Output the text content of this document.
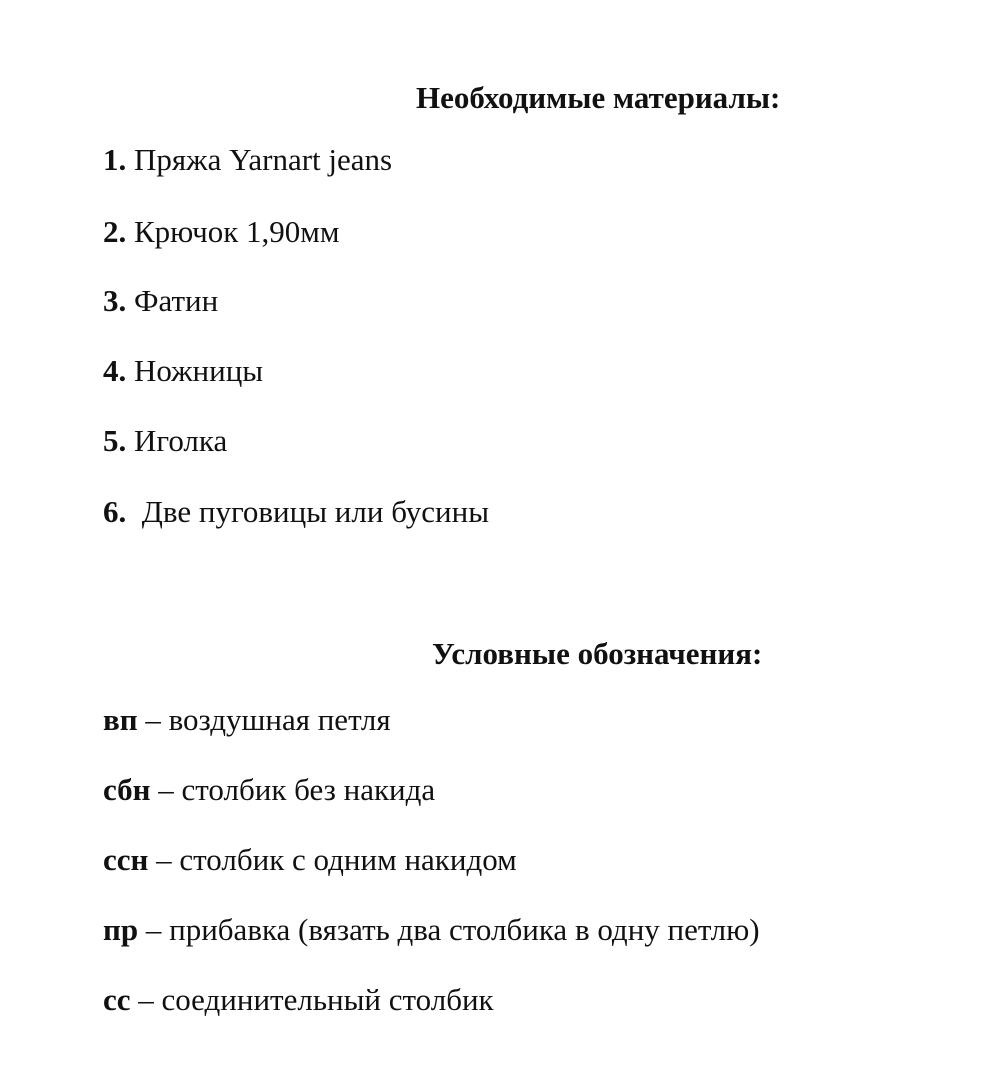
Необходимые материалы:
1. Пряжа Yarnart jeans
2. Крючок 1,90мм
3. Фатин
4. Ножницы
5. Иголка
6.  Две пуговицы или бусины
Условные обозначения:
вп – воздушная петля
сбн – столбик без накида
ссн – столбик с одним накидом
пр – прибавка (вязать два столбика в одну петлю)
сс – соединительный столбик
